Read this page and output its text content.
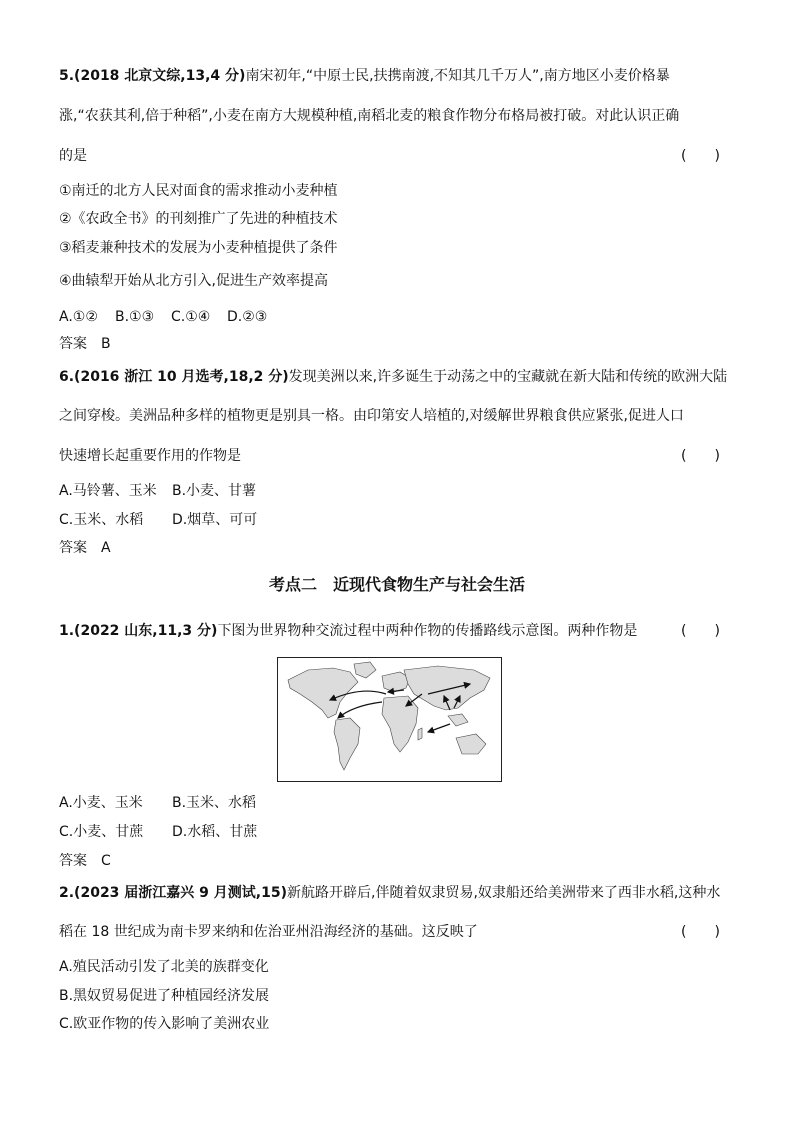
5.(2018 北京文综,13,4 分)南宋初年,“中原士民,扶携南渡,不知其几千万人”,南方地区小麦价格暴
涨,“农获其利,倍于种稻”,小麦在南方大规模种植,南稻北麦的粮食作物分布格局被打破。对此认识正确
的是	(　　)
①南迁的北方人民对面食的需求推动小麦种植
②《农政全书》的刊刻推广了先进的种植技术
③稻麦兼种技术的发展为小麦种植提供了条件
④曲辕犁开始从北方引入,促进生产效率提高
A.①② B.①③ C.①④ D.②③
答案　B
6.(2016 浙江 10 月选考,18,2 分)发现美洲以来,许多诞生于动荡之中的宝藏就在新大陆和传统的欧洲大陆
之间穿梭。美洲品种多样的植物更是别具一格。由印第安人培植的,对缓解世界粮食供应紧张,促进人口
快速增长起重要作用的作物是	(　　)
A.马铃薯、玉米 B.小麦、甘薯
C.玉米、水稻 D.烟草、可可
答案　A
考点二　近现代食物生产与社会生活
1.(2022 山东,11,3 分)下图为世界物种交流过程中两种作物的传播路线示意图。两种作物是	(　　)
A.小麦、玉米 B.玉米、水稻
C.小麦、甘蔗 D.水稻、甘蔗
答案　C
2.(2023 届浙江嘉兴 9 月测试,15)新航路开辟后,伴随着奴隶贸易,奴隶船还给美洲带来了西非水稻,这种水
稻在 18 世纪成为南卡罗来纳和佐治亚州沿海经济的基础。这反映了	(　　)
A.殖民活动引发了北美的族群变化
B.黑奴贸易促进了种植园经济发展
C.欧亚作物的传入影响了美洲农业
